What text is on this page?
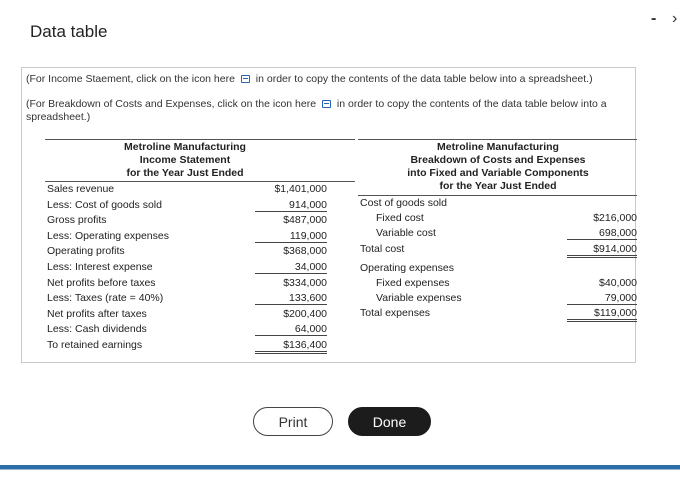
Data table
- ›
(For Income Staement, click on the icon here in order to copy the contents of the data table below into a spreadsheet.)
(For Breakdown of Costs and Expenses, click on the icon here in order to copy the contents of the data table below into a spreadsheet.)
Metroline Manufacturing
Income Statement
for the Year Just Ended
Sales revenue	$1,401,000
Less: Cost of goods sold	914,000
Gross profits	$487,000
Less: Operating expenses	119,000
Operating profits	$368,000
Less: Interest expense	34,000
Net profits before taxes	$334,000
Less: Taxes (rate = 40%)	133,600
Net profits after taxes	$200,400
Less: Cash dividends	64,000
To retained earnings	$136,400
Metroline Manufacturing
Breakdown of Costs and Expenses
into Fixed and Variable Components
for the Year Just Ended
Cost of goods sold
Fixed cost	$216,000
Variable cost	698,000
Total cost	$914,000
Operating expenses
Fixed expenses	$40,000
Variable expenses	79,000
Total expenses	$119,000
Print	Done
